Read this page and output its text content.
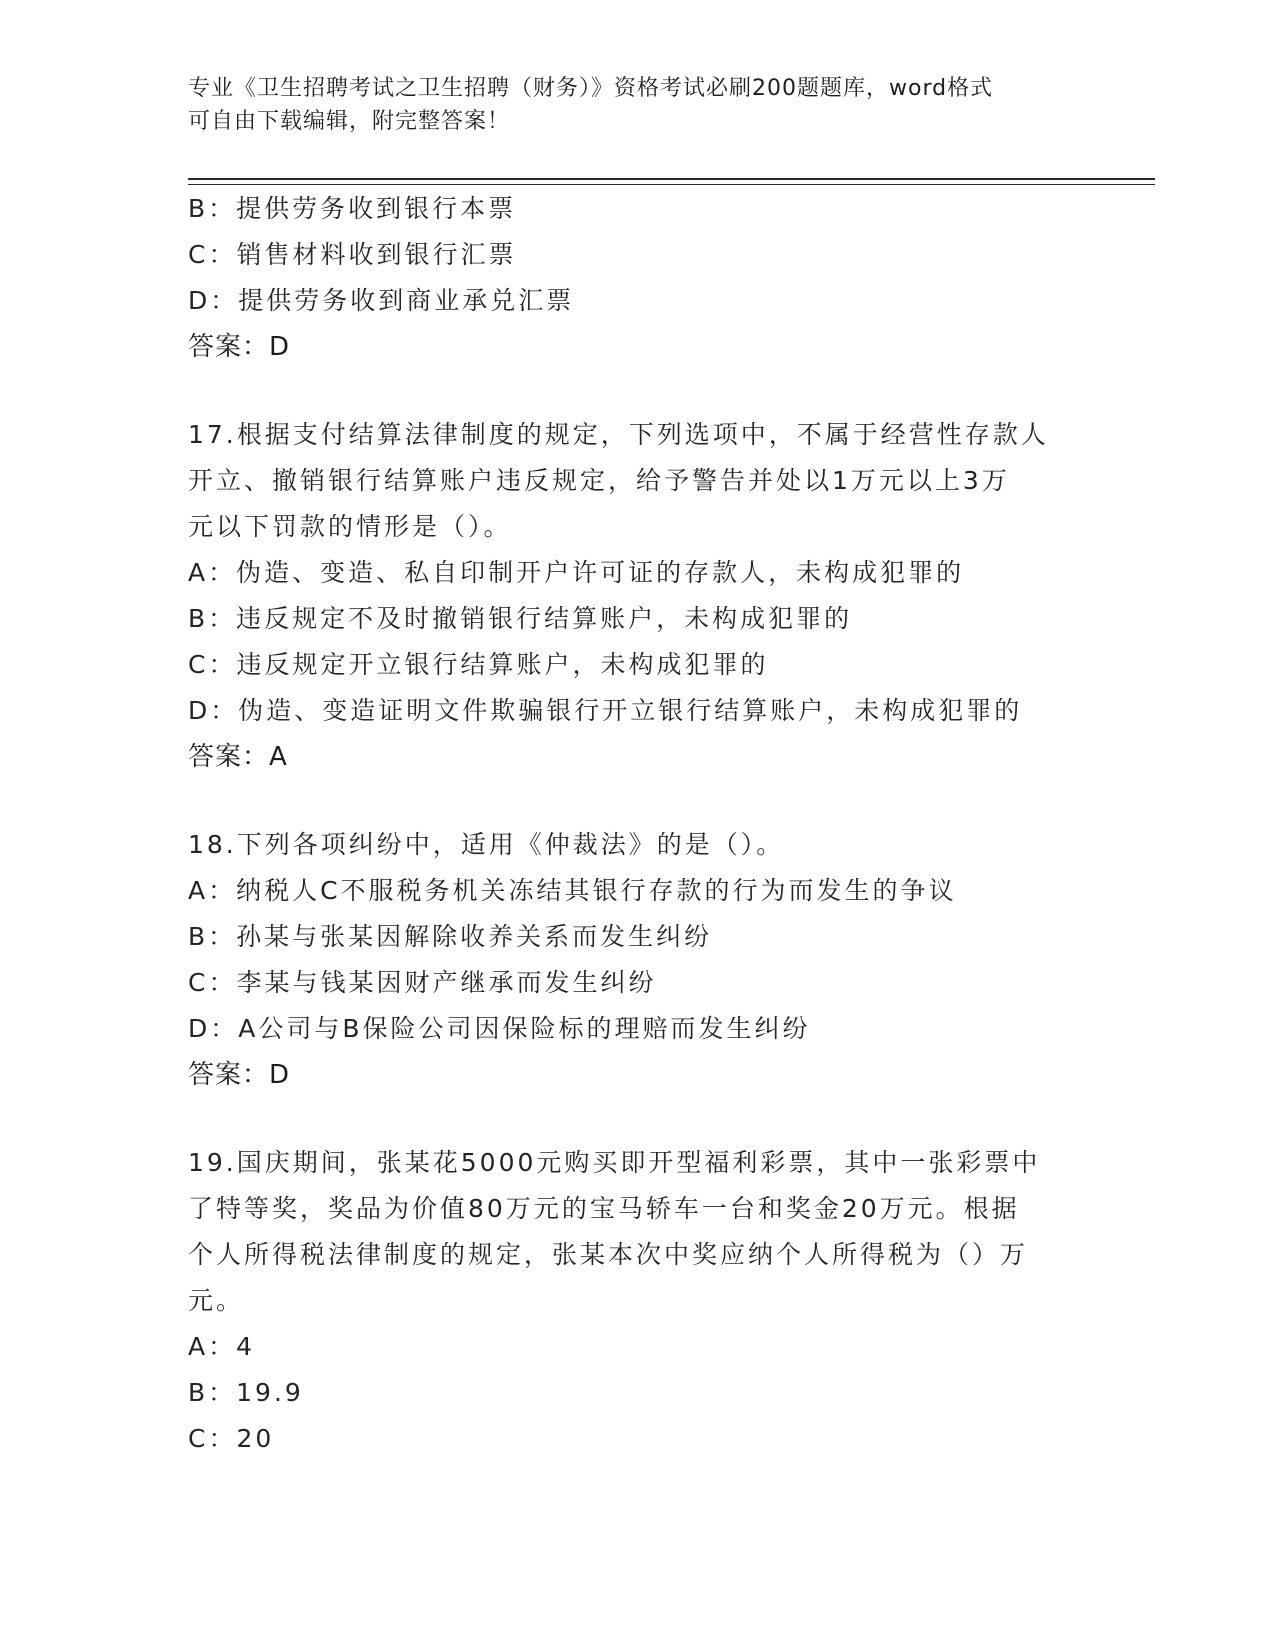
专业《卫生招聘考试之卫生招聘（财务）》资格考试必刷200题题库，word格式
可自由下载编辑，附完整答案！
B：提供劳务收到银行本票
C：销售材料收到银行汇票
D：提供劳务收到商业承兑汇票
答案：D
17.根据支付结算法律制度的规定，下列选项中，不属于经营性存款人
开立、撤销银行结算账户违反规定，给予警告并处以1万元以上3万
元以下罚款的情形是（）。
A：伪造、变造、私自印制开户许可证的存款人，未构成犯罪的
B：违反规定不及时撤销银行结算账户，未构成犯罪的
C：违反规定开立银行结算账户，未构成犯罪的
D：伪造、变造证明文件欺骗银行开立银行结算账户，未构成犯罪的
答案：A
18.下列各项纠纷中，适用《仲裁法》的是（）。
A：纳税人C不服税务机关冻结其银行存款的行为而发生的争议
B：孙某与张某因解除收养关系而发生纠纷
C：李某与钱某因财产继承而发生纠纷
D：A公司与B保险公司因保险标的理赔而发生纠纷
答案：D
19.国庆期间，张某花5000元购买即开型福利彩票，其中一张彩票中
了特等奖，奖品为价值80万元的宝马轿车一台和奖金20万元。根据
个人所得税法律制度的规定，张某本次中奖应纳个人所得税为（）万
元。
A：4
B：19.9
C：20
